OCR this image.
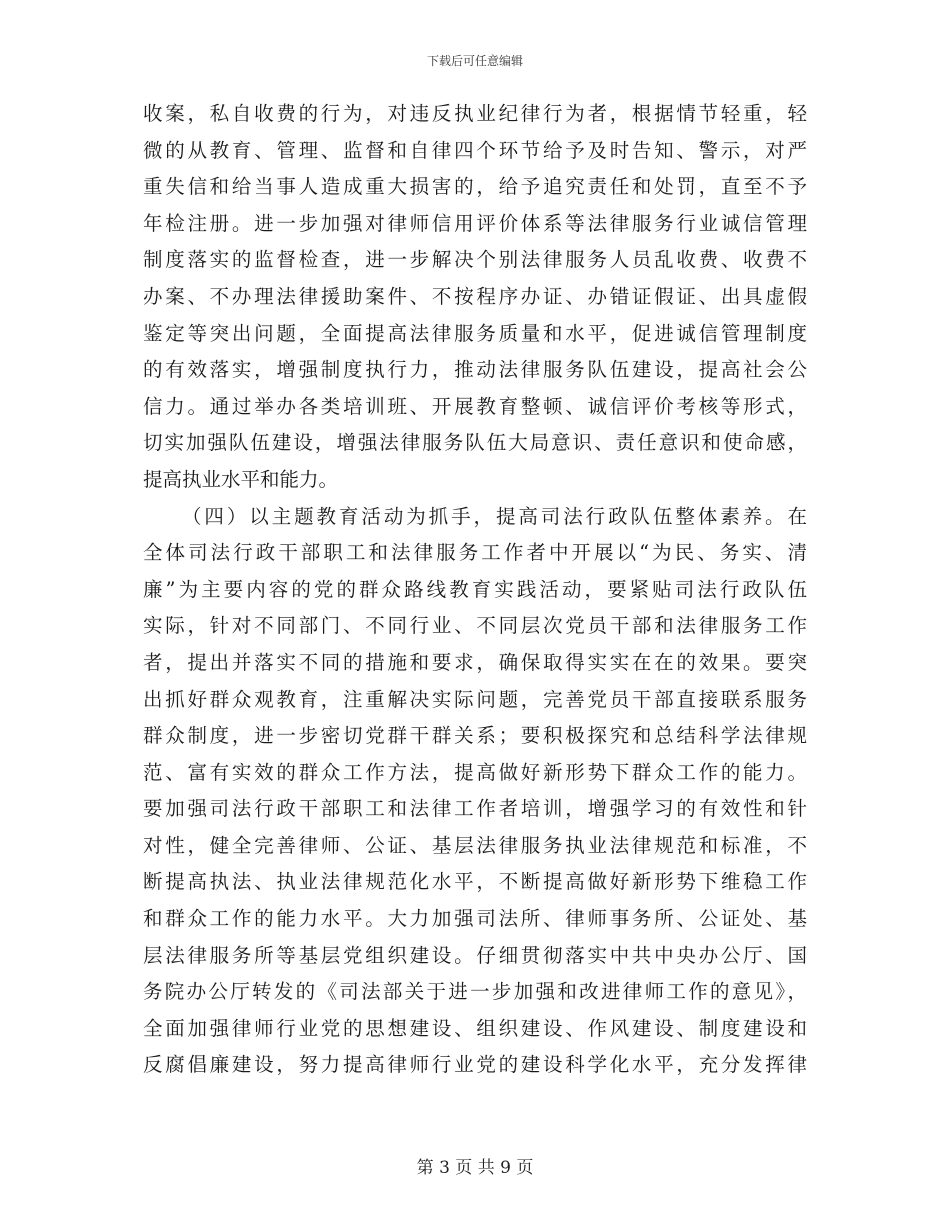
下载后可任意编辑
收案，私自收费的行为，对违反执业纪律行为者，根据情节轻重，轻
微的从教育、管理、监督和自律四个环节给予及时告知、警示，对严
重失信和给当事人造成重大损害的，给予追究责任和处罚，直至不予
年检注册。进一步加强对律师信用评价体系等法律服务行业诚信管理
制度落实的监督检查，进一步解决个别法律服务人员乱收费、收费不
办案、不办理法律援助案件、不按程序办证、办错证假证、出具虚假
鉴定等突出问题，全面提高法律服务质量和水平，促进诚信管理制度
的有效落实，增强制度执行力，推动法律服务队伍建设，提高社会公
信力。通过举办各类培训班、开展教育整顿、诚信评价考核等形式，
切实加强队伍建设，增强法律服务队伍大局意识、责任意识和使命感，
提高执业水平和能力。
（四）以主题教育活动为抓手，提高司法行政队伍整体素养。在
全体司法行政干部职工和法律服务工作者中开展以“为民、务实、清
廉”为主要内容的党的群众路线教育实践活动，要紧贴司法行政队伍
实际，针对不同部门、不同行业、不同层次党员干部和法律服务工作
者，提出并落实不同的措施和要求，确保取得实实在在的效果。要突
出抓好群众观教育，注重解决实际问题，完善党员干部直接联系服务
群众制度，进一步密切党群干群关系；要积极探究和总结科学法律规
范、富有实效的群众工作方法，提高做好新形势下群众工作的能力。
要加强司法行政干部职工和法律工作者培训，增强学习的有效性和针
对性，健全完善律师、公证、基层法律服务执业法律规范和标准，不
断提高执法、执业法律规范化水平，不断提高做好新形势下维稳工作
和群众工作的能力水平。大力加强司法所、律师事务所、公证处、基
层法律服务所等基层党组织建设。仔细贯彻落实中共中央办公厅、国
务院办公厅转发的《司法部关于进一步加强和改进律师工作的意见》，
全面加强律师行业党的思想建设、组织建设、作风建设、制度建设和
反腐倡廉建设，努力提高律师行业党的建设科学化水平，充分发挥律
第 3 页 共 9 页
